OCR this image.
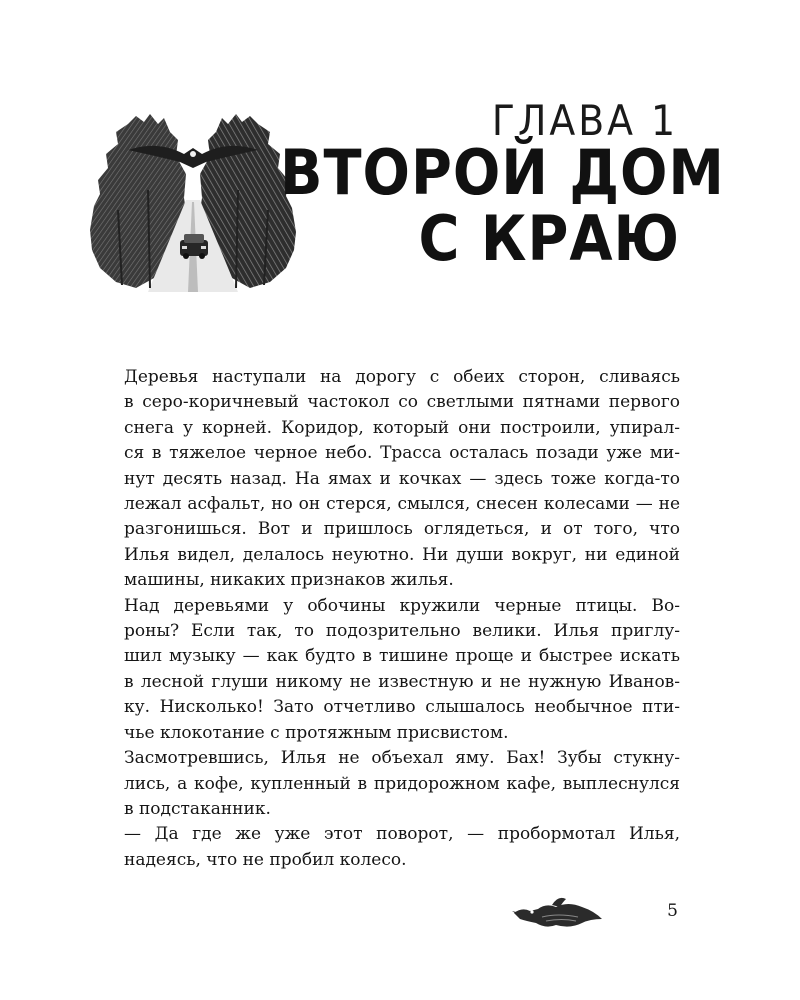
ГЛАВА 1
ВТОРОЙ ДОМ
С КРАЮ

Деревья наступали на дорогу с обеих сторон, сливаясь
в серо-коричневый частокол со светлыми пятнами первого
снега у корней. Коридор, который они построили, упирал-
ся в тяжелое черное небо. Трасса осталась позади уже ми-
нут десять назад. На ямах и кочках — здесь тоже когда-то
лежал асфальт, но он стерся, смылся, снесен колесами — не
разгонишься. Вот и пришлось оглядеться, и от того, что
Илья видел, делалось неуютно. Ни души вокруг, ни единой
машины, никаких признаков жилья.

Над деревьями у обочины кружили черные птицы. Во-
роны? Если так, то подозрительно велики. Илья приглу-
шил музыку — как будто в тишине проще и быстрее искать
в лесной глуши никому не известную и не нужную Иванов-
ку. Нисколько! Зато отчетливо слышалось необычное пти-
чье клокотание с протяжным присвистом.

Засмотревшись, Илья не объехал яму. Бах! Зубы стукну-
лись, а кофе, купленный в придорожном кафе, выплеснулся
в подстаканник.

— Да где же уже этот поворот, — пробормотал Илья,
надеясь, что не пробил колесо.

5
